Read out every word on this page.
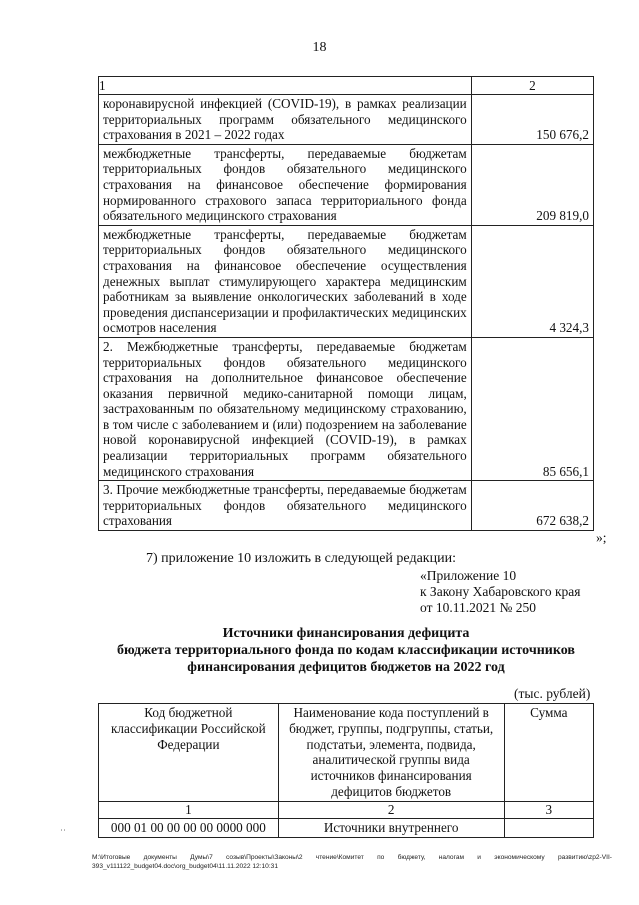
18
1	2
коронавирусной инфекцией (COVID-19), в рамках реализации территориальных программ обязательного медицинского страхования в 2021 – 2022 годах	150 676,2
межбюджетные трансферты, передаваемые бюджетам территориальных фондов обязательного медицинского страхования на финансовое обеспечение формирования нормированного страхового запаса территориального фонда обязательного медицинского страхования	209 819,0
межбюджетные трансферты, передаваемые бюджетам территориальных фондов обязательного медицинского страхования на финансовое обеспечение осуществления денежных выплат стимулирующего характера медицинским работникам за выявление онкологических заболеваний в ходе проведения диспансеризации и профилактических медицинских осмотров населения	4 324,3
2. Межбюджетные трансферты, передаваемые бюджетам территориальных фондов обязательного медицинского страхования на дополнительное финансовое обеспечение оказания первичной медико-санитарной помощи лицам, застрахованным по обязательному медицинскому страхованию, в том числе с заболеванием и (или) подозрением на заболевание новой коронавирусной инфекцией (COVID-19), в рамках реализации территориальных программ обязательного медицинского страхования	85 656,1
3. Прочие межбюджетные трансферты, передаваемые бюджетам территориальных фондов обязательного медицинского страхования	672 638,2
»;
7) приложение 10 изложить в следующей редакции:
«Приложение 10
к Закону Хабаровского края
от 10.11.2021 № 250
Источники финансирования дефицита
бюджета территориального фонда по кодам классификации источников
финансирования дефицитов бюджетов на 2022 год
(тыс. рублей)
Код бюджетной классификации Российской Федерации	Наименование кода поступлений в бюджет, группы, подгруппы, статьи, подстатьи, элемента, подвида, аналитической группы вида источников финансирования дефицитов бюджетов	Сумма
1	2	3
000 01 00 00 00 00 0000 000	Источники внутреннего	

˙˙
M:\Итоговые документы Думы\7 созыв\Проекты\Законы\2 чтение\Комитет по бюджету, налогам и экономическому развитию\zp2-VII-393_v111122_budget04.doc\org_budget04\11.11.2022 12:10:31
